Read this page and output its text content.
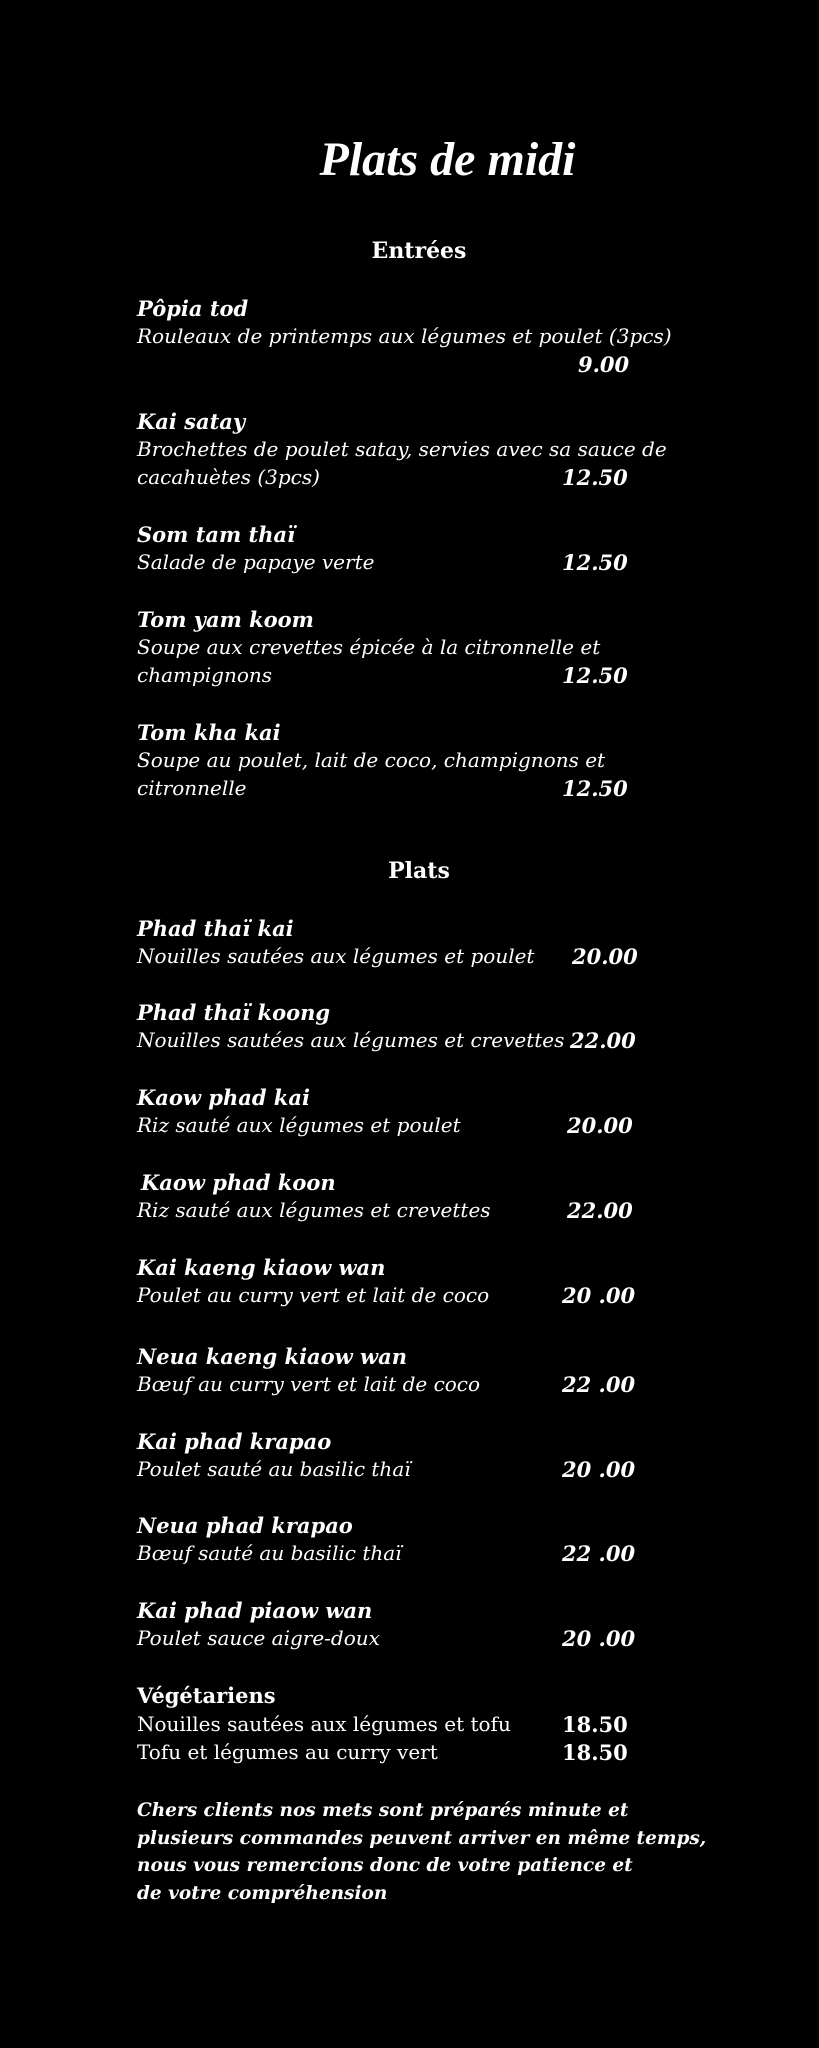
Plats de midi
Entrées
Pôpia tod
Rouleaux de printemps aux légumes et poulet (3pcs)
9.00
Kai satay
Brochettes de poulet satay, servies avec sa sauce de
cacahuètes (3pcs)	12.50
Som tam thaï
Salade de papaye verte	12.50
Tom yam koom
Soupe aux crevettes épicée à la citronnelle et
champignons	12.50
Tom kha kai
Soupe au poulet, lait de coco, champignons et
citronnelle	12.50
Plats
Phad thaï kai
Nouilles sautées aux légumes et poulet 20.00
Phad thaï koong
Nouilles sautées aux légumes et crevettes 22.00
Kaow phad kai
Riz sauté aux légumes et poulet	20.00
Kaow phad koon
Riz sauté aux légumes et crevettes	22.00
Kai kaeng kiaow wan
Poulet au curry vert et lait de coco	20 .00
Neua kaeng kiaow wan
Bœuf au curry vert et lait de coco	22 .00
Kai phad krapao
Poulet sauté au basilic thaï	20 .00
Neua phad krapao
Bœuf sauté au basilic thaï	22 .00
Kai phad piaow wan
Poulet sauce aigre-doux	20 .00
Végétariens
Nouilles sautées aux légumes et tofu 18.50
Tofu et légumes au curry vert	18.50
Chers clients nos mets sont préparés minute et
plusieurs commandes peuvent arriver en même temps,
nous vous remercions donc de votre patience et
de votre compréhension
